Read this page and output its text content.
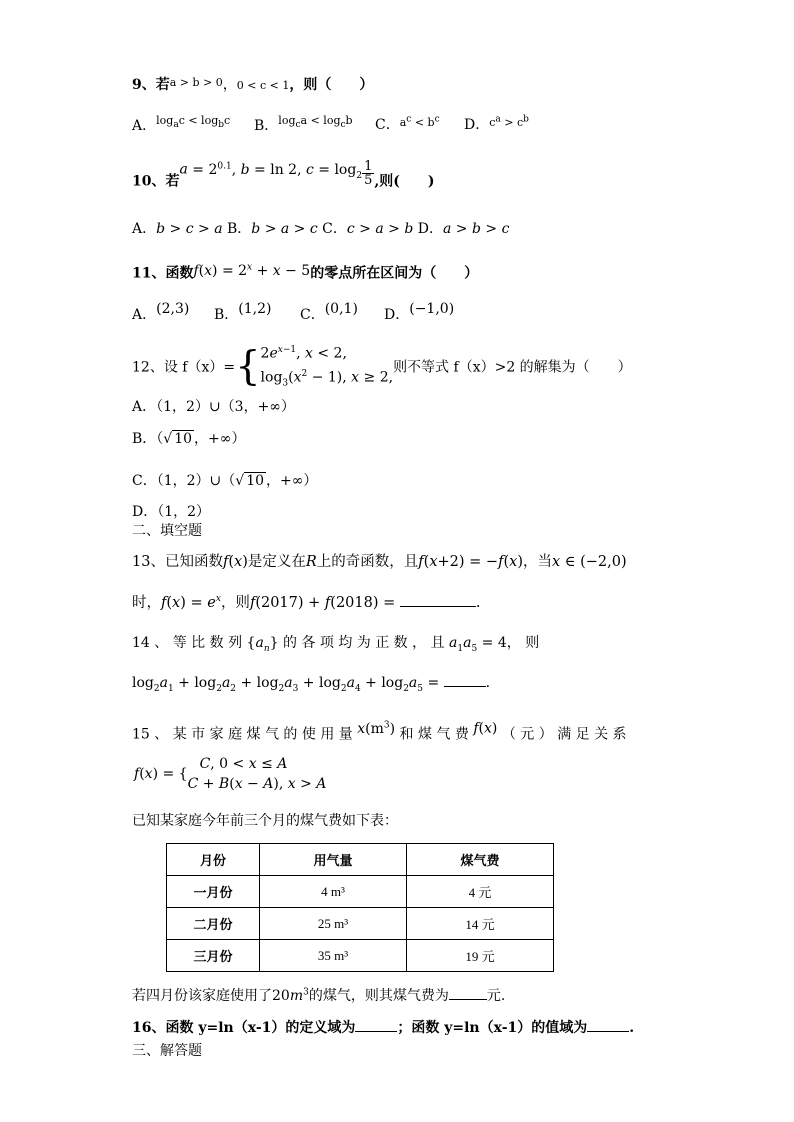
9、若$^{a > b > 0}$，0 < c < 1，则（　　）
A．$^{log_ac < log_bc}$ B．$^{log_ca < log_cb}$ C．$^{a^c < b^c}$ D．$^{c^a > c^b}$
10、若$a = 2^{0.1}$, b = ln 2, $c = \log_2 \frac{1}{5}$ ,则(　　)
A．b > c > a B．b > a > c C．c > a > b D．a > b > c
11、函数$f(x) = 2^x + x - 5$的零点所在区间为（　　）
A．(2,3) B．(1,2) C．(0,1) D．(−1,0)
12、设 f（x）={ $2e^{x-1}$, x < 2,
$\log_3(x^2 - 1)$, x ≥ 2,
则不等式 f（x）>2 的解集为（　　）
A．（1，2）∪（3，+∞）
B．（√ 10 ，+∞）
C．（1，2）∪（√ 10 ，+∞）
D．（1，2）
二、填空题
13、已知函数f(x)是定义在R上的奇函数，且f(x+2) = −f(x)，当x ∈ (−2,0)
时，$f(x) = e^x$，则f(2017) + f(2018) =	.
14 、 等 比 数 列 $\{a_n\}$ 的 各 项 均 为 正 数 ， 且 $a_1a_5 = 4$， 则
$\log_2a_1 + \log_2a_2 + \log_2a_3 + \log_2a_4 + \log_2a_5$ =	.
15 、 某 市 家 庭 煤 气 的 使 用 量 $x(m^3)$ 和 煤 气 费 f(x) （ 元 ） 满 足 关 系
f(x) = {
C, 0 < x ≤ A
C + B(x − A), x > A
已知某家庭今年前三个月的煤气费如下表：
月份	用气量	煤气费
一月份	4 m³	4 元
二月份	25 m³	14 元
三月份	35 m³	19 元
若四月份该家庭使用了$20m^3$的煤气，则其煤气费为	元.
16、函数 y=ln（x-1）的定义域为	；函数 y=ln（x-1）的值域为	.
三、解答题
